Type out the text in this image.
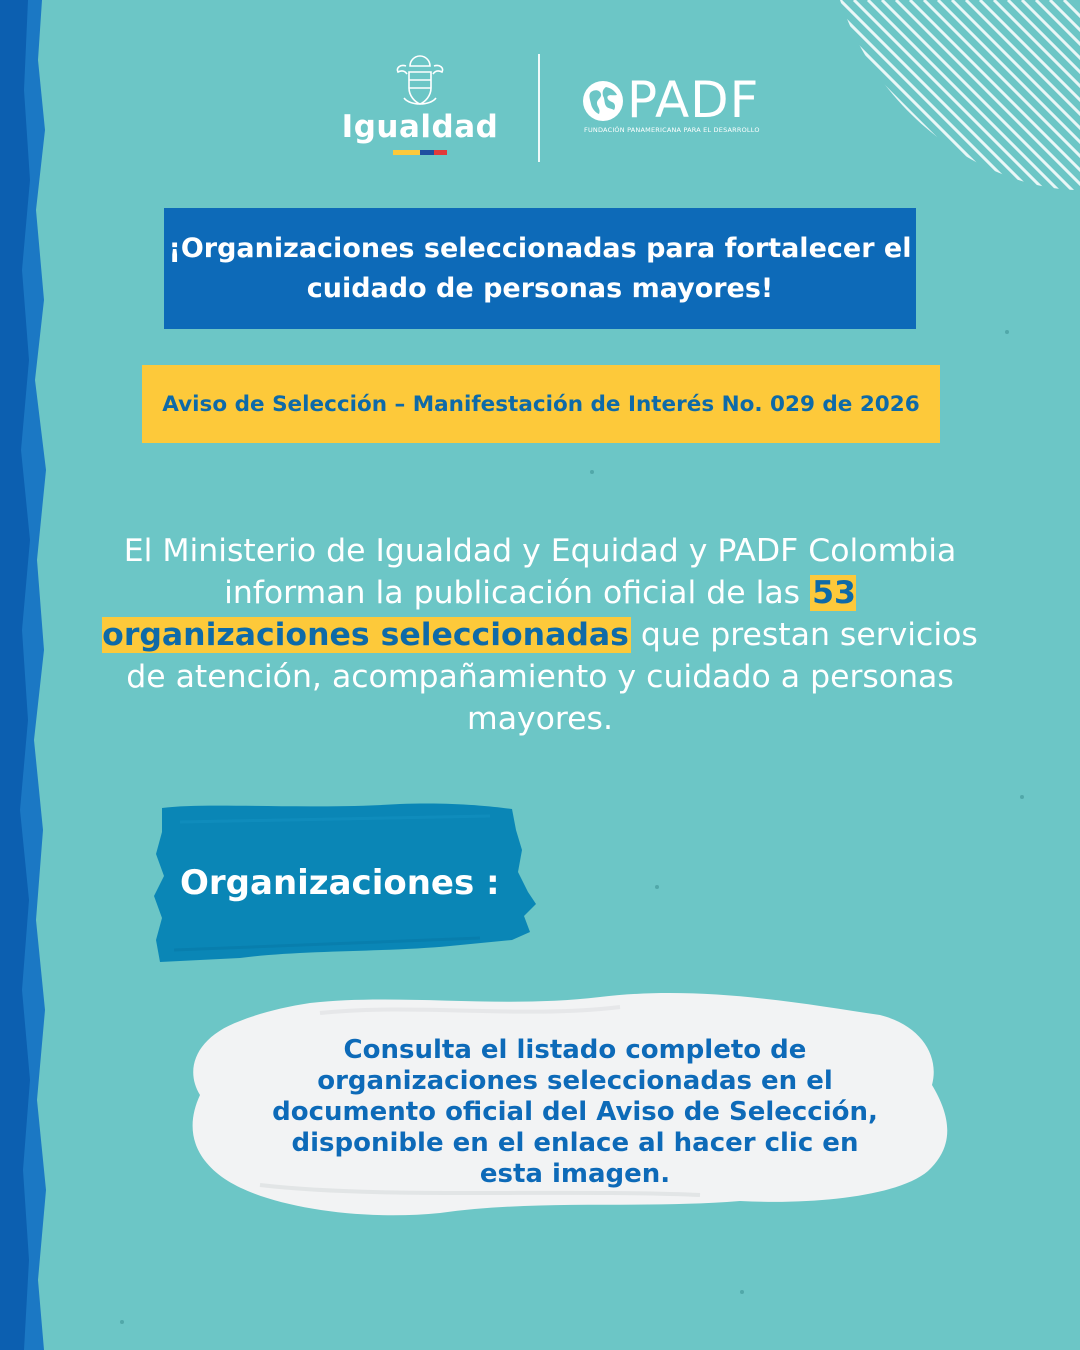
Igualdad	PADF
FUNDACIÓN PANAMERICANA PARA EL DESARROLLO

¡Organizaciones seleccionadas para fortalecer el cuidado de personas mayores!

Aviso de Selección – Manifestación de Interés No. 029 de 2026

El Ministerio de Igualdad y Equidad y PADF Colombia informan la publicación oficial de las 53 organizaciones seleccionadas que prestan servicios de atención, acompañamiento y cuidado a personas mayores.

Organizaciones :

Consulta el listado completo de organizaciones seleccionadas en el documento oficial del Aviso de Selección, disponible en el enlace al hacer clic en esta imagen.
